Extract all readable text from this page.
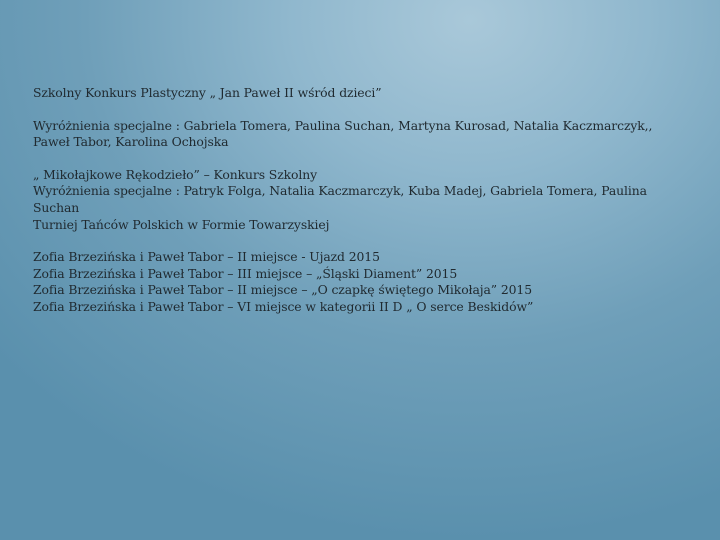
Szkolny Konkurs Plastyczny „ Jan Paweł II wśród dzieci”

Wyróżnienia specjalne : Gabriela Tomera, Paulina Suchan, Martyna Kurosad, Natalia Kaczmarczyk,, Paweł Tabor, Karolina Ochojska

„ Mikołajkowe Rękodzieło” – Konkurs Szkolny
Wyróżnienia specjalne : Patryk Folga, Natalia Kaczmarczyk, Kuba Madej, Gabriela Tomera, Paulina Suchan
Turniej Tańców Polskich w Formie Towarzyskiej

Zofia Brzezińska i Paweł Tabor – II miejsce - Ujazd 2015
Zofia Brzezińska i Paweł Tabor – III miejsce – „Śląski Diament” 2015
Zofia Brzezińska i Paweł Tabor – II miejsce – „O czapkę świętego Mikołaja” 2015
Zofia Brzezińska i Paweł Tabor – VI miejsce w kategorii II D „ O serce Beskidów”
